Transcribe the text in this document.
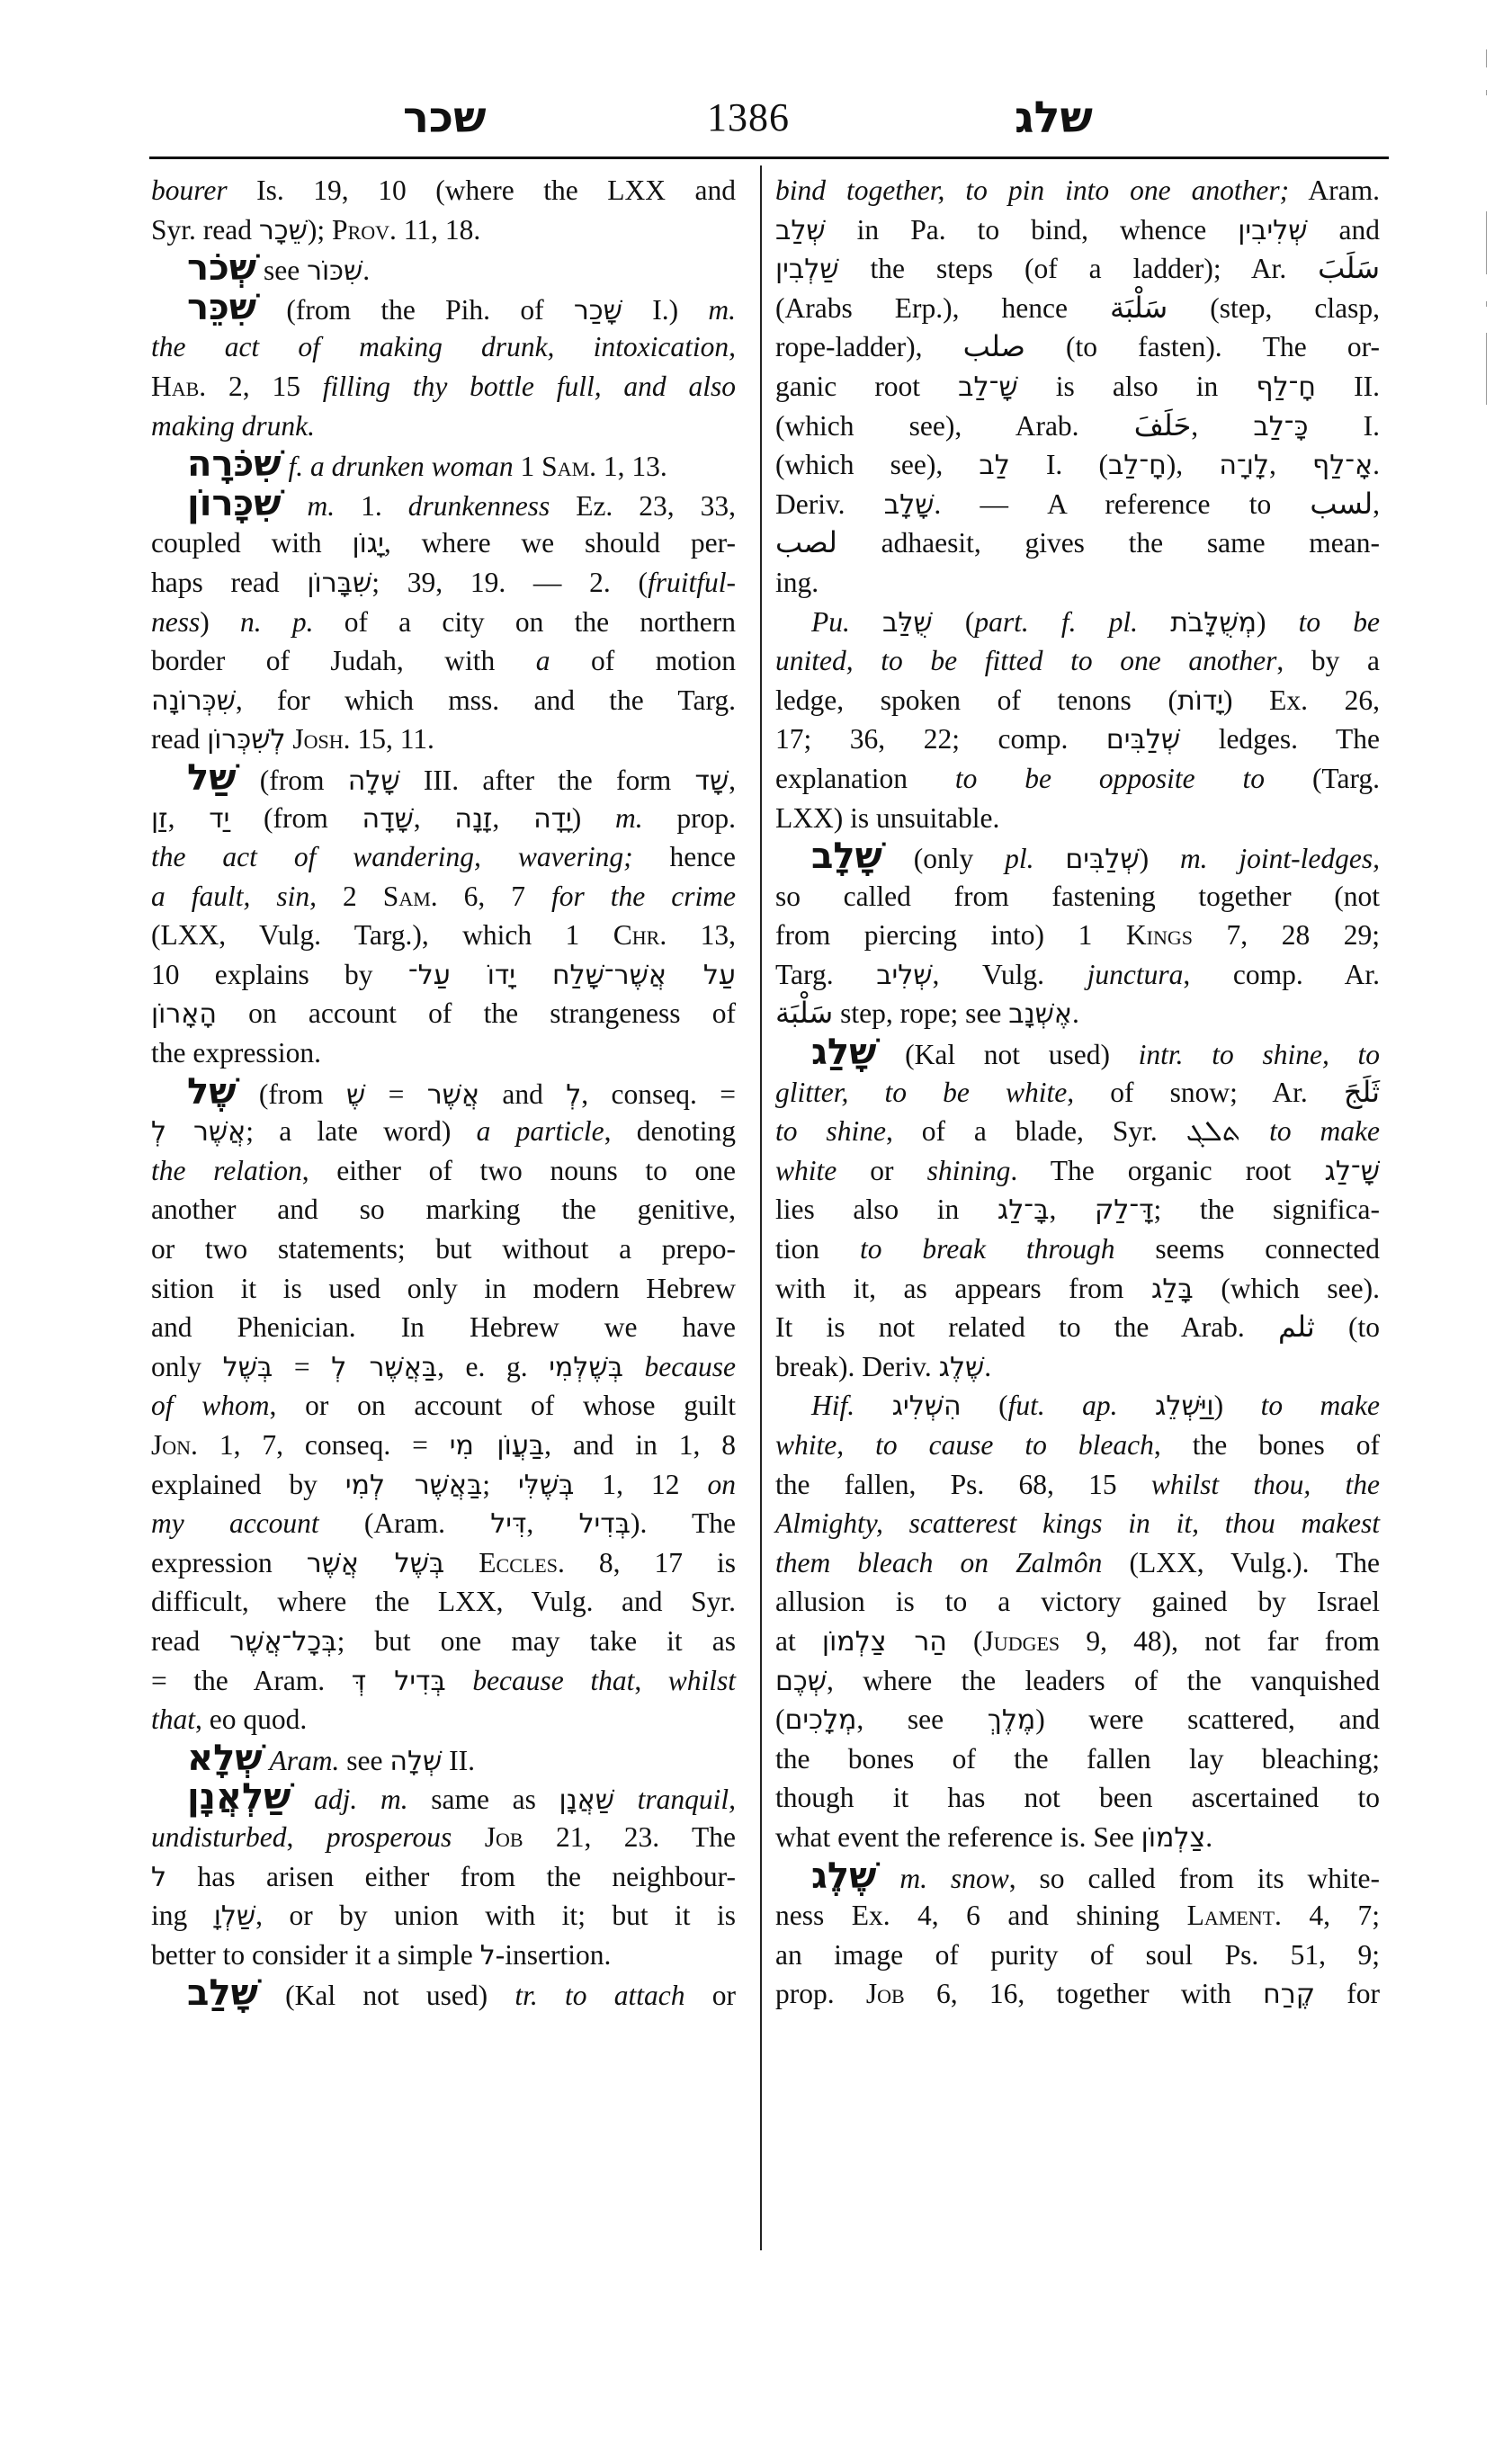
שכר	1386	שלג
bourer Is. 19, 10 (where the LXX and
Syr. read שֵׁכָר); Prov. 11, 18.
שְׁכֹר see שִׁכּוֹר.
שִׁכֵּר (from the Pih. of שָׁכַר I.) m.
the act of making drunk, intoxication,
Hab. 2, 15 filling thy bottle full, and also
making drunk.
שִׁכֹּרָה f. a drunken woman 1 Sam. 1, 13.
שִׁכָּרוֹן m. 1. drunkenness Ez. 23, 33,
coupled with יָגוֹן, where we should per-
haps read שִׁבָּרוֹן; 39, 19. — 2. (fruitful-
ness) n. p. of a city on the northern
border of Judah, with a of motion
שִׁכְּרוֹנָה, for which mss. and the Targ.
read לְשִׁכְּרוֹן Josh. 15, 11.
שַׁל (from שָׁלָה III. after the form שָׁד,
זַן, יַד (from שָׁדָה, זָנָה, יָדָה) m. prop.
the act of wandering, wavering; hence
a fault, sin, 2 Sam. 6, 7 for the crime
(LXX, Vulg. Targ.), which 1 Chr. 13,
10 explains by עַל אֲשֶׁר־שָׁלַח יָדוֹ עַל־
הָאָרוֹן on account of the strangeness of
the expression.
שֶׁל (from שֶׁ = אֲשֶׁר and לְ, conseq. =
אֲשֶׁר לְ; a late word) a particle, denoting
the relation, either of two nouns to one
another and so marking the genitive,
or two statements; but without a prepo-
sition it is used only in modern Hebrew
and Phenician. In Hebrew we have
only בְּשֶׁל = בַּאֲשֶׁר לְ, e. g. בְּשֶׁלְּמִי because
of whom, or on account of whose guilt
Jon. 1, 7, conseq. = בַּעֲוֹן מִי, and in 1, 8
explained by בַּאֲשֶׁר לְמִי; בְּשֶׁלִּי 1, 12 on
my account (Aram. דִּיל, בְּדִיל). The
expression בְּשֶׁל אֲשֶׁר Eccles. 8, 17 is
difficult, where the LXX, Vulg. and Syr.
read בְּכָל־אֲשֶׁר; but one may take it as
= the Aram. בְּדִיל דְּ because that, whilst
that, eo quod.
שְׁלָא Aram. see שְׁלָה II.
שַׁלְאֲנָן adj. m. same as שַׁאֲנָן tranquil,
undisturbed, prosperous Job 21, 23. The
ל has arisen either from the neighbour-
ing שַׁלְוָ, or by union with it; but it is
better to consider it a simple ל-insertion.
שָׁלַב (Kal not used) tr. to attach or
bind together, to pin into one another; Aram.
שְׁלַב in Pa. to bind, whence שְׁלִיבִין and
שַׁלְבִין the steps (of a ladder); Ar. سَلَبَ
(Arabs Erp.), hence سَلْبَة (step, clasp,
rope-ladder), صلب (to fasten). The or-
ganic root שָׁ־לַב is also in חָ־לַף II.
(which see), Arab. حَلَفَ, כָּ־לַב I.
(which see), לַב I. (חָ־לַב), לָו־ָה, אָ־לַף.
Deriv. שָׁלָב. — A reference to لسب,
لصب adhaesit, gives the same mean-
ing.
Pu. שֻׁלַּב (part. f. pl. מְשֻׁלָּבֹת) to be
united, to be fitted to one another, by a
ledge, spoken of tenons (יָדוֹת) Ex. 26,
17; 36, 22; comp. שְׁלַבִּים ledges. The
explanation to be opposite to (Targ.
LXX) is unsuitable.
שָׁלָב (only pl. שְׁלַבִּים) m. joint-ledges,
so called from fastening together (not
from piercing into) 1 Kings 7, 28 29;
Targ. שְׁלִיב, Vulg. junctura, comp. Ar.
سَلْبَة step, rope; see אֶשְׁנָב.
שָׁלַג (Kal not used) intr. to shine, to
glitter, to be white, of snow; Ar. ثَلَجَ
to shine, of a blade, Syr. ܬܠܓ to make
white or shining. The organic root שָׁ־לַג
lies also in בָּ־לַג, דָּ־לַק; the significa-
tion to break through seems connected
with it, as appears from בָּלַג (which see).
It is not related to the Arab. ثلم (to
break). Deriv. שֶׁלֶג.
Hif. הִשְׁלִיג (fut. ap. וַיַּשְׁלֵג) to make
white, to cause to bleach, the bones of
the fallen, Ps. 68, 15 whilst thou, the
Almighty, scatterest kings in it, thou makest
them bleach on Zalmôn (LXX, Vulg.). The
allusion is to a victory gained by Israel
at הַר צַלְמוֹן (Judges 9, 48), not far from
שְׁכֶם, where the leaders of the vanquished
(מְלָכִים, see מֶלֶךְ) were scattered, and
the bones of the fallen lay bleaching;
though it has not been ascertained to
what event the reference is. See צַלְמוֹן.
שֶׁלֶג m. snow, so called from its white-
ness Ex. 4, 6 and shining Lament. 4, 7;
an image of purity of soul Ps. 51, 9;
prop. Job 6, 16, together with קֶרַח for
